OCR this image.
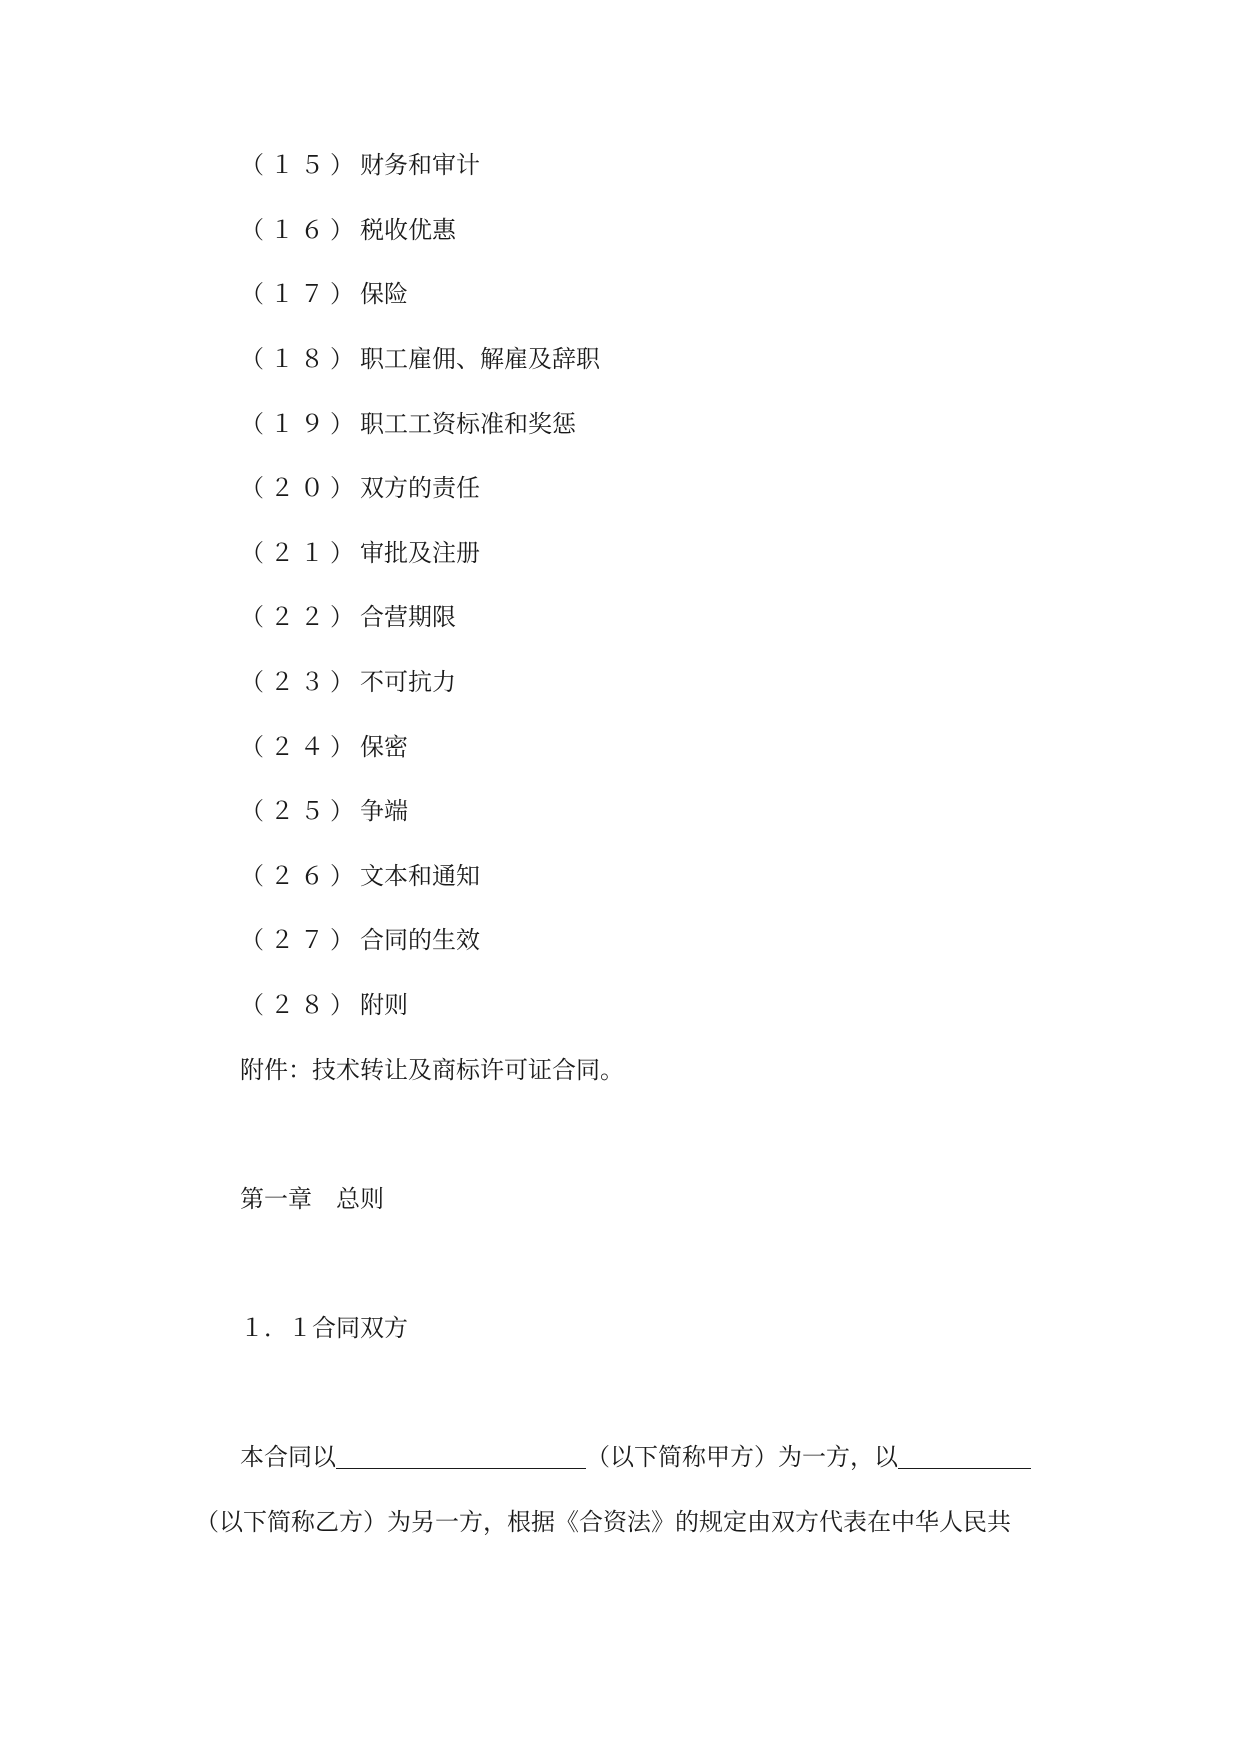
（１５）财务和审计
（１６）税收优惠
（１７）保险
（１８）职工雇佣、解雇及辞职
（１９）职工工资标准和奖惩
（２０）双方的责任
（２１）审批及注册
（２２）合营期限
（２３）不可抗力
（２４）保密
（２５）争端
（２６）文本和通知
（２７）合同的生效
（２８）附则
附件：技术转让及商标许可证合同。
第一章　总则
１．１合同双方
本合同以	（以下简称甲方）为一方，以
（以下简称乙方）为另一方，根据《合资法》的规定由双方代表在中华人民共
